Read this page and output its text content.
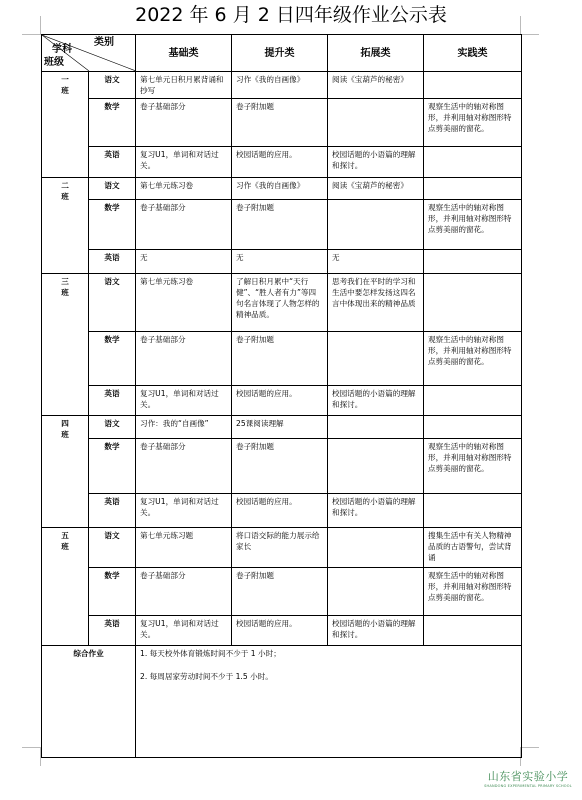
2022 年 6 月 2 日四年级作业公示表
类别
学科
班级		基础类	提升类	拓展类	实践类
一
班	语文	第七单元日积月累背诵和抄写	习作《我的自画像》	阅读《宝葫芦的秘密》	
	数学	卷子基础部分	卷子附加题		观察生活中的轴对称图形，并利用轴对称图形特点剪美丽的窗花。
	英语	复习U1，单词和对话过关。	校园话题的应用。	校园话题的小语篇的理解和探讨。	
二
班	语文	第七单元练习卷	习作《我的自画像》	阅读《宝葫芦的秘密》	
	数学	卷子基础部分	卷子附加题		观察生活中的轴对称图形，并利用轴对称图形特点剪美丽的窗花。
	英语	无	无	无	
三
班	语文	第七单元练习卷	了解日积月累中“天行健”、“胜人者有力”等四句名言体现了人物怎样的精神品质。	思考我们在平时的学习和生活中要怎样发扬这四名言中体现出来的精神品质	
	数学	卷子基础部分	卷子附加题		观察生活中的轴对称图形，并利用轴对称图形特点剪美丽的窗花。
	英语	复习U1，单词和对话过关。	校园话题的应用。	校园话题的小语篇的理解和探讨。	
四
班	语文	习作：我的“自画像”	25课阅读理解		
	数学	卷子基础部分	卷子附加题		观察生活中的轴对称图形，并利用轴对称图形特点剪美丽的窗花。
	英语	复习U1，单词和对话过关。	校园话题的应用。	校园话题的小语篇的理解和探讨。	
五
班	语文	第七单元练习题	将口语交际的能力展示给家长		搜集生活中有关人物精神品质的古语警句，尝试背诵
	数学	卷子基础部分	卷子附加题		观察生活中的轴对称图形，并利用轴对称图形特点剪美丽的窗花。
	英语	复习U1，单词和对话过关。	校园话题的应用。	校园话题的小语篇的理解和探讨。	
综合作业		1. 每天校外体育锻炼时间不少于 1 小时；
2. 每周居家劳动时间不少于 1.5 小时。			
山东省实验小学
SHANDONG EXPERIMENTAL PRIMARY SCHOOL
